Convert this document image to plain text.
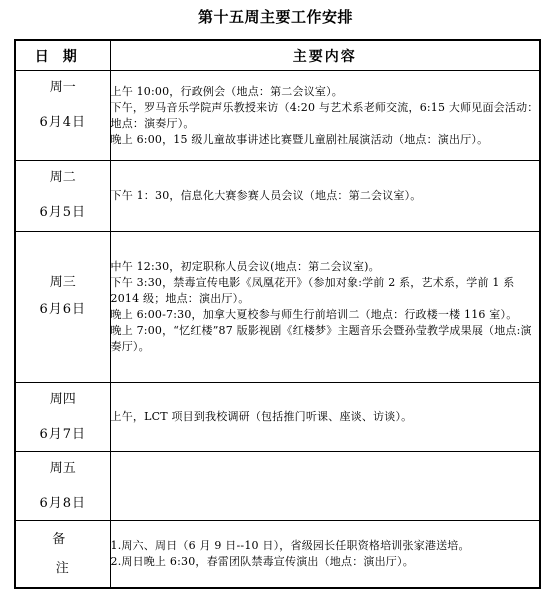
第十五周主要工作安排
日期	主要内容

周一
6月4日	上午 10:00，行政例会（地点：第二会议室）。
下午，罗马音乐学院声乐教授来访（4:20 与艺术系老师交流，6:15 大师见面会活动：地点：演奏厅）。
晚上 6:00，15 级儿童故事讲述比赛暨儿童剧社展演活动（地点：演出厅）。

周二
6月5日	下午 1：30，信息化大赛参赛人员会议（地点：第二会议室）。

周三
6月6日	中午 12:30，初定职称人员会议(地点：第二会议室)。
下午 3:30，禁毒宣传电影《凤凰花开》（参加对象:学前 2 系，艺术系，学前 1 系 2014 级；地点：演出厅）。
晚上 6:00-7:30，加拿大夏校参与师生行前培训二（地点：行政楼一楼 116 室）。
晚上 7:00，“忆红楼”87 版影视剧《红楼梦》主题音乐会暨孙莹教学成果展（地点:演奏厅）。

周四
6月7日	上午，LCT 项目到我校调研（包括推门听课、座谈、访谈）。

周五
6月8日	

备
注	1.周六、周日（6 月 9 日--10 日），省级园长任职资格培训张家港送培。
2.周日晚上 6:30，春雷团队禁毒宣传演出（地点：演出厅）。
